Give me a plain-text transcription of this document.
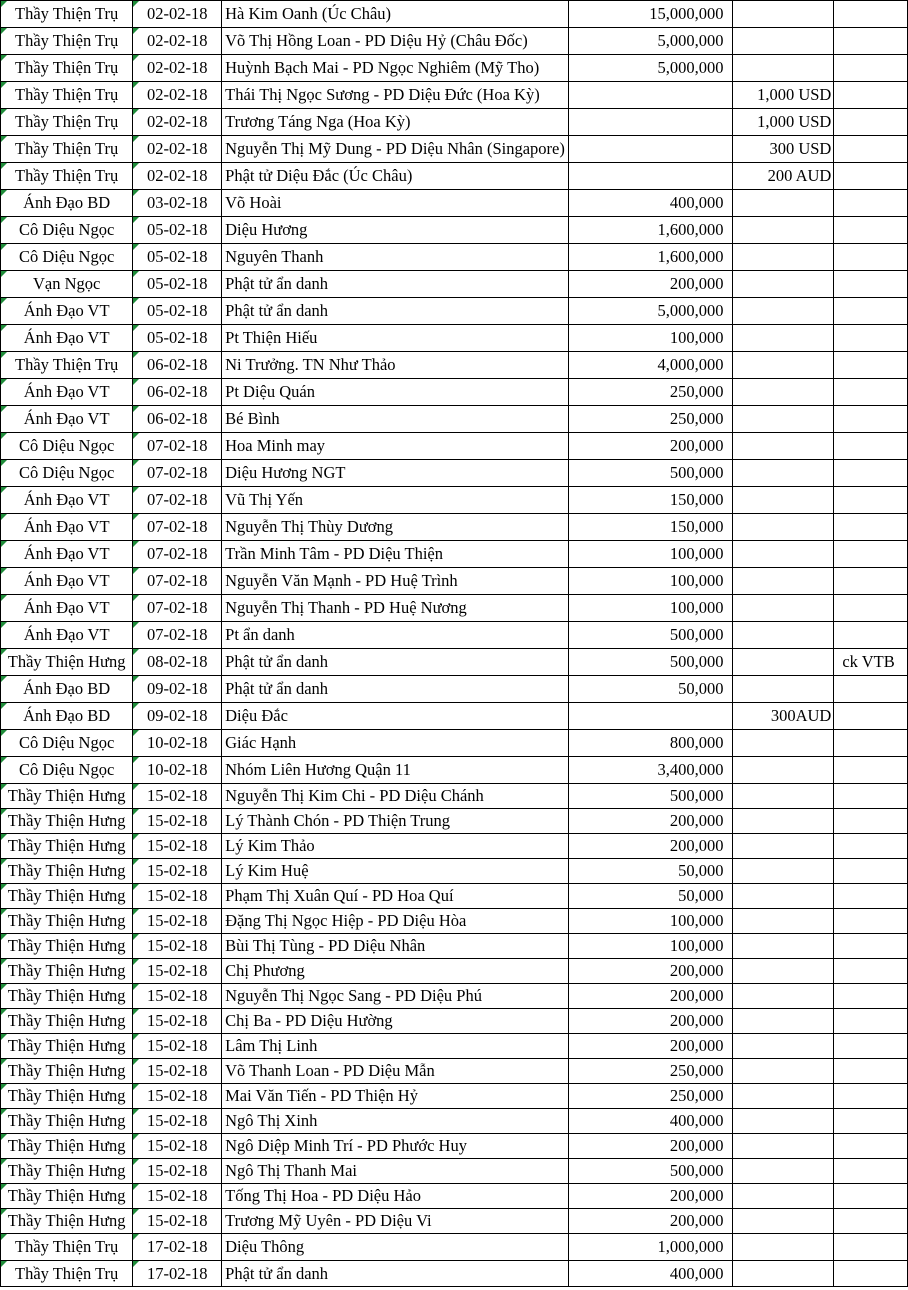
Thầy Thiện Trụ	02-02-18	Hà Kim Oanh (Úc Châu)	15,000,000		
Thầy Thiện Trụ	02-02-18	Võ Thị Hồng Loan - PD Diệu Hỷ (Châu Đốc)	5,000,000		
Thầy Thiện Trụ	02-02-18	Huỳnh Bạch Mai - PD Ngọc Nghiêm (Mỹ Tho)	5,000,000		
Thầy Thiện Trụ	02-02-18	Thái Thị Ngọc Sương - PD Diệu Đức (Hoa Kỳ)		1,000 USD	
Thầy Thiện Trụ	02-02-18	Trương Táng Nga (Hoa Kỳ)		1,000 USD	
Thầy Thiện Trụ	02-02-18	Nguyễn Thị Mỹ Dung - PD Diệu Nhân (Singapore)		300 USD	
Thầy Thiện Trụ	02-02-18	Phật tử Diệu Đắc (Úc Châu)		200 AUD	
Ánh Đạo BD	03-02-18	Võ Hoài	400,000		
Cô Diệu Ngọc	05-02-18	Diệu Hương	1,600,000		
Cô Diệu Ngọc	05-02-18	Nguyên Thanh	1,600,000		
Vạn Ngọc	05-02-18	Phật tử ẩn danh	200,000		
Ánh Đạo VT	05-02-18	Phật tử ẩn danh	5,000,000		
Ánh Đạo VT	05-02-18	Pt Thiện Hiếu	100,000		
Thầy Thiện Trụ	06-02-18	Ni Trưởng. TN Như Thảo	4,000,000		
Ánh Đạo VT	06-02-18	Pt Diệu Quán	250,000		
Ánh Đạo VT	06-02-18	Bé Bình	250,000		
Cô Diệu Ngọc	07-02-18	Hoa Minh may	200,000		
Cô Diệu Ngọc	07-02-18	Diệu Hương NGT	500,000		
Ánh Đạo VT	07-02-18	Vũ Thị Yến	150,000		
Ánh Đạo VT	07-02-18	Nguyễn Thị Thùy Dương	150,000		
Ánh Đạo VT	07-02-18	Trần Minh Tâm - PD Diệu Thiện	100,000		
Ánh Đạo VT	07-02-18	Nguyễn Văn Mạnh - PD Huệ Trình	100,000		
Ánh Đạo VT	07-02-18	Nguyễn Thị Thanh - PD Huệ Nương	100,000		
Ánh Đạo VT	07-02-18	Pt ẩn danh	500,000		
Thầy Thiện Hưng	08-02-18	Phật tử ẩn danh	500,000		ck VTB
Ánh Đạo BD	09-02-18	Phật tử ẩn danh	50,000		
Ánh Đạo BD	09-02-18	Diệu Đắc		300AUD	
Cô Diệu Ngọc	10-02-18	Giác Hạnh	800,000		
Cô Diệu Ngọc	10-02-18	Nhóm Liên Hương Quận 11	3,400,000		
Thầy Thiện Hưng	15-02-18	Nguyễn Thị Kim Chi - PD Diệu Chánh	500,000		
Thầy Thiện Hưng	15-02-18	Lý Thành Chón - PD Thiện Trung	200,000		
Thầy Thiện Hưng	15-02-18	Lý Kim Thảo	200,000		
Thầy Thiện Hưng	15-02-18	Lý Kim Huệ	50,000		
Thầy Thiện Hưng	15-02-18	Phạm Thị Xuân Quí - PD Hoa Quí	50,000		
Thầy Thiện Hưng	15-02-18	Đặng Thị Ngọc Hiệp - PD Diệu Hòa	100,000		
Thầy Thiện Hưng	15-02-18	Bùi Thị Tùng - PD Diệu Nhân	100,000		
Thầy Thiện Hưng	15-02-18	Chị Phương	200,000		
Thầy Thiện Hưng	15-02-18	Nguyễn Thị Ngọc Sang - PD Diệu Phú	200,000		
Thầy Thiện Hưng	15-02-18	Chị Ba - PD Diệu Hường	200,000		
Thầy Thiện Hưng	15-02-18	Lâm Thị Linh	200,000		
Thầy Thiện Hưng	15-02-18	Võ Thanh Loan - PD Diệu Mẫn	250,000		
Thầy Thiện Hưng	15-02-18	Mai Văn Tiến - PD Thiện Hỷ	250,000		
Thầy Thiện Hưng	15-02-18	Ngô Thị Xinh	400,000		
Thầy Thiện Hưng	15-02-18	Ngô Diệp Minh Trí - PD Phước Huy	200,000		
Thầy Thiện Hưng	15-02-18	Ngô Thị Thanh Mai	500,000		
Thầy Thiện Hưng	15-02-18	Tống Thị Hoa - PD Diệu Hảo	200,000		
Thầy Thiện Hưng	15-02-18	Trương Mỹ Uyên - PD Diệu Vi	200,000		
Thầy Thiện Trụ	17-02-18	Diệu Thông	1,000,000		
Thầy Thiện Trụ	17-02-18	Phật tử ẩn danh	400,000		
